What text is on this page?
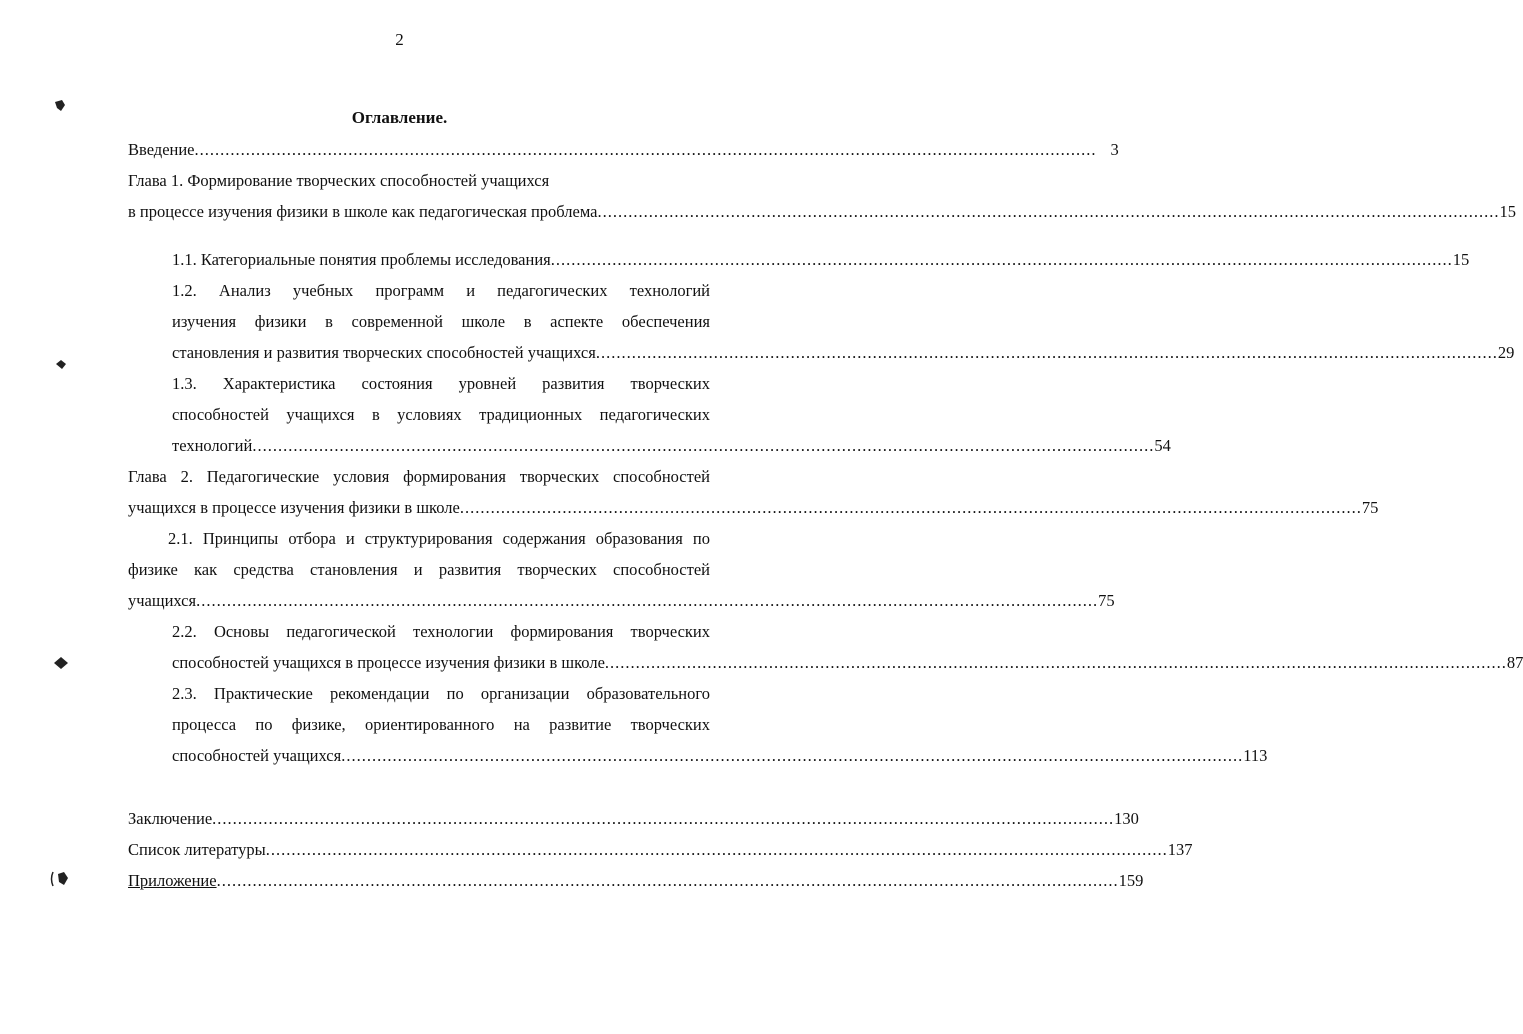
2
Оглавление.
Введение ................................................................................................................................................................................ 3
Глава 1. Формирование творческих способностей учащихся
в процессе изучения физики в школе как педагогическая проблема ................................................................................................................................................................................ 15
1.1. Категориальные понятия проблемы исследования ................................................................................................................................................................................ 15
1.2. Анализ учебных программ и педагогических технологий
изучения физики в современной школе в аспекте обеспечения
становления и развития творческих способностей учащихся ................................................................................................................................................................................ 29
1.3. Характеристика состояния уровней развития творческих
способностей учащихся в условиях традиционных педагогических
технологий ................................................................................................................................................................................ 54
Глава 2. Педагогические условия формирования творческих способностей
учащихся в процессе изучения физики в школе ................................................................................................................................................................................ 75
2.1. Принципы отбора и структурирования содержания образования по
физике как средства становления и развития творческих способностей
учащихся ................................................................................................................................................................................ 75
2.2. Основы педагогической технологии формирования творческих
способностей учащихся в процессе изучения физики в школе ................................................................................................................................................................................ 87
2.3. Практические рекомендации по организации образовательного
процесса по физике, ориентированного на развитие творческих
способностей учащихся ................................................................................................................................................................................ 113
Заключение ................................................................................................................................................................................ 130
Список литературы ................................................................................................................................................................................ 137
Приложение ................................................................................................................................................................................ 159
